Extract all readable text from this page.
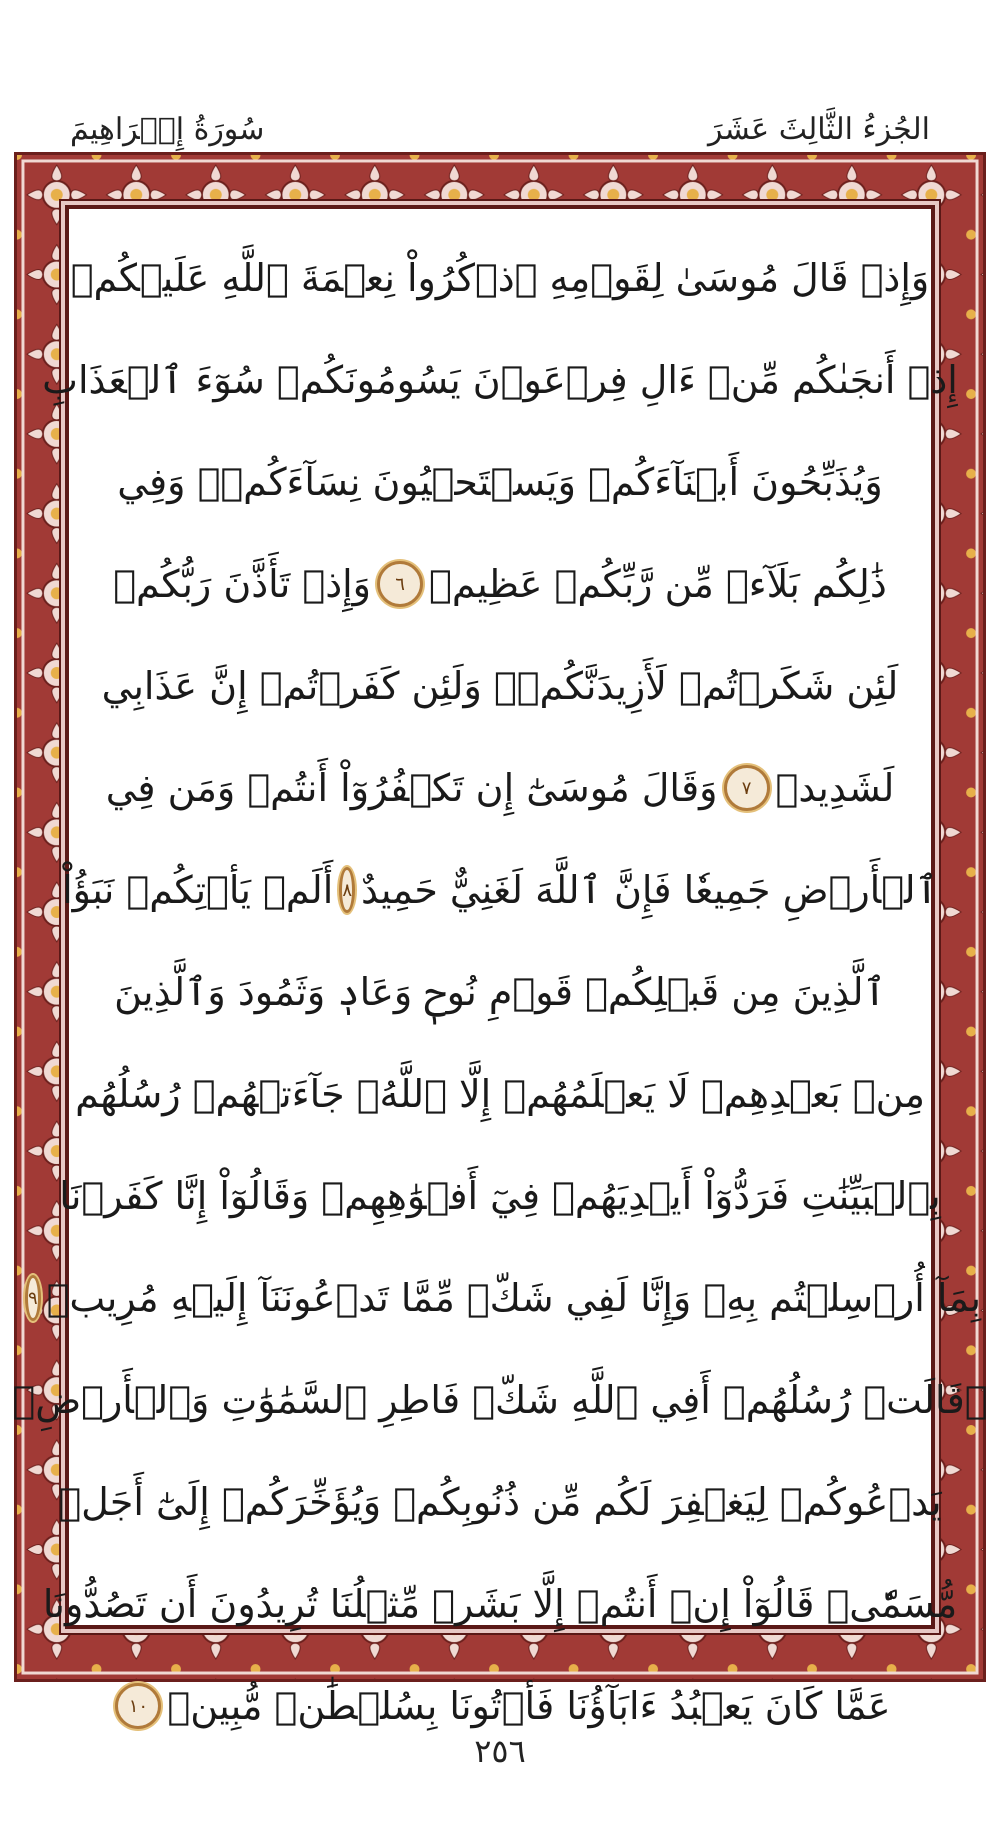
سُورَةُ إِبۡرَاهِيمَ	الجُزءُ الثَّالِثَ عَشَرَ
وَإِذۡ قَالَ مُوسَىٰ لِقَوۡمِهِ ٱذۡكُرُواْ نِعۡمَةَ ٱللَّهِ عَلَيۡكُمۡ
إِذۡ أَنجَىٰكُم مِّنۡ ءَالِ فِرۡعَوۡنَ يَسُومُونَكُمۡ سُوٓءَ ٱلۡعَذَابِ
وَيُذَبِّحُونَ أَبۡنَآءَكُمۡ وَيَسۡتَحۡيُونَ نِسَآءَكُمۡۚ وَفِي
ذَٰلِكُم بَلَآءٞ مِّن رَّبِّكُمۡ عَظِيمٞ
٦
وَإِذۡ تَأَذَّنَ رَبُّكُمۡ
لَئِن شَكَرۡتُمۡ لَأَزِيدَنَّكُمۡۖ وَلَئِن كَفَرۡتُمۡ إِنَّ عَذَابِي
لَشَدِيدٞ
٧
وَقَالَ مُوسَىٰٓ إِن تَكۡفُرُوٓاْ أَنتُمۡ وَمَن فِي
ٱلۡأَرۡضِ جَمِيعٗا فَإِنَّ ٱللَّهَ لَغَنِيٌّ حَمِيدٌ
٨
أَلَمۡ يَأۡتِكُمۡ نَبَؤُاْ
ٱلَّذِينَ مِن قَبۡلِكُمۡ قَوۡمِ نُوحٖ وَعَادٖ وَثَمُودَ وَٱلَّذِينَ
مِنۢ بَعۡدِهِمۡ لَا يَعۡلَمُهُمۡ إِلَّا ٱللَّهُۚ جَآءَتۡهُمۡ رُسُلُهُم
بِٱلۡبَيِّنَٰتِ فَرَدُّوٓاْ أَيۡدِيَهُمۡ فِيٓ أَفۡوَٰهِهِمۡ وَقَالُوٓاْ إِنَّا كَفَرۡنَا
بِمَآ أُرۡسِلۡتُم بِهِۦ وَإِنَّا لَفِي شَكّٖ مِّمَّا تَدۡعُونَنَآ إِلَيۡهِ مُرِيبٖ
٩
۞قَالَتۡ رُسُلُهُمۡ أَفِي ٱللَّهِ شَكّٞ فَاطِرِ ٱلسَّمَٰوَٰتِ وَٱلۡأَرۡضِۖ
يَدۡعُوكُمۡ لِيَغۡفِرَ لَكُم مِّن ذُنُوبِكُمۡ وَيُؤَخِّرَكُمۡ إِلَىٰٓ أَجَلٖ
مُّسَمّٗىۚ قَالُوٓاْ إِنۡ أَنتُمۡ إِلَّا بَشَرٞ مِّثۡلُنَا تُرِيدُونَ أَن تَصُدُّونَا
عَمَّا كَانَ يَعۡبُدُ ءَابَآؤُنَا فَأۡتُونَا بِسُلۡطَٰنٖ مُّبِينٖ
١٠
٢٥٦
